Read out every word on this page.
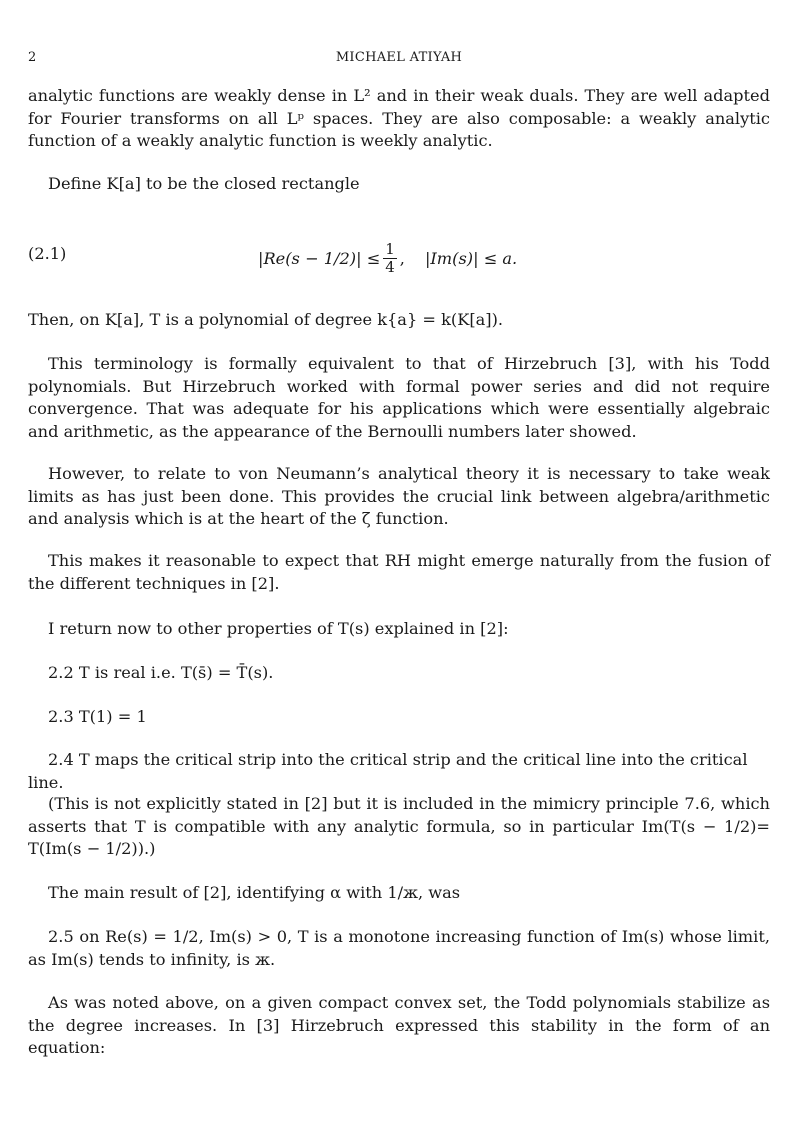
2	MICHAEL ATIYAH

analytic functions are weakly dense in L² and in their weak duals. They are well adapted for Fourier transforms on all Lᵖ spaces. They are also composable: a weakly analytic function of a weakly analytic function is weekly analytic.

Define K[a] to be the closed rectangle

(2.1)	$|Re(s - 1/2)| \le \frac{1}{4}$ , |Im(s)| ≤ a.

Then, on K[a], T is a polynomial of degree k{a} = k(K[a]).

This terminology is formally equivalent to that of Hirzebruch [3], with his Todd polynomials. But Hirzebruch worked with formal power series and did not require convergence. That was adequate for his applications which were essentially algebraic and arithmetic, as the appearance of the Bernoulli numbers later showed.

However, to relate to von Neumann’s analytical theory it is necessary to take weak limits as has just been done. This provides the crucial link between algebra/arithmetic and analysis which is at the heart of the ζ function.

This makes it reasonable to expect that RH might emerge naturally from the fusion of the different techniques in [2].

I return now to other properties of T(s) explained in [2]:

2.2 T is real i.e. T(s̄) = T̄(s).

2.3 T(1) = 1

2.4 T maps the critical strip into the critical strip and the critical line into the critical line.

(This is not explicitly stated in [2] but it is included in the mimicry principle 7.6, which asserts that T is compatible with any analytic formula, so in particular Im(T(s − 1/2)= T(Im(s − 1/2)).)

The main result of [2], identifying α with 1/ж, was

2.5 on Re(s) = 1/2, Im(s) > 0, T is a monotone increasing function of Im(s) whose limit, as Im(s) tends to infinity, is ж.

As was noted above, on a given compact convex set, the Todd polynomials stabilize as the degree increases. In [3] Hirzebruch expressed this stability in the form of an equation:
